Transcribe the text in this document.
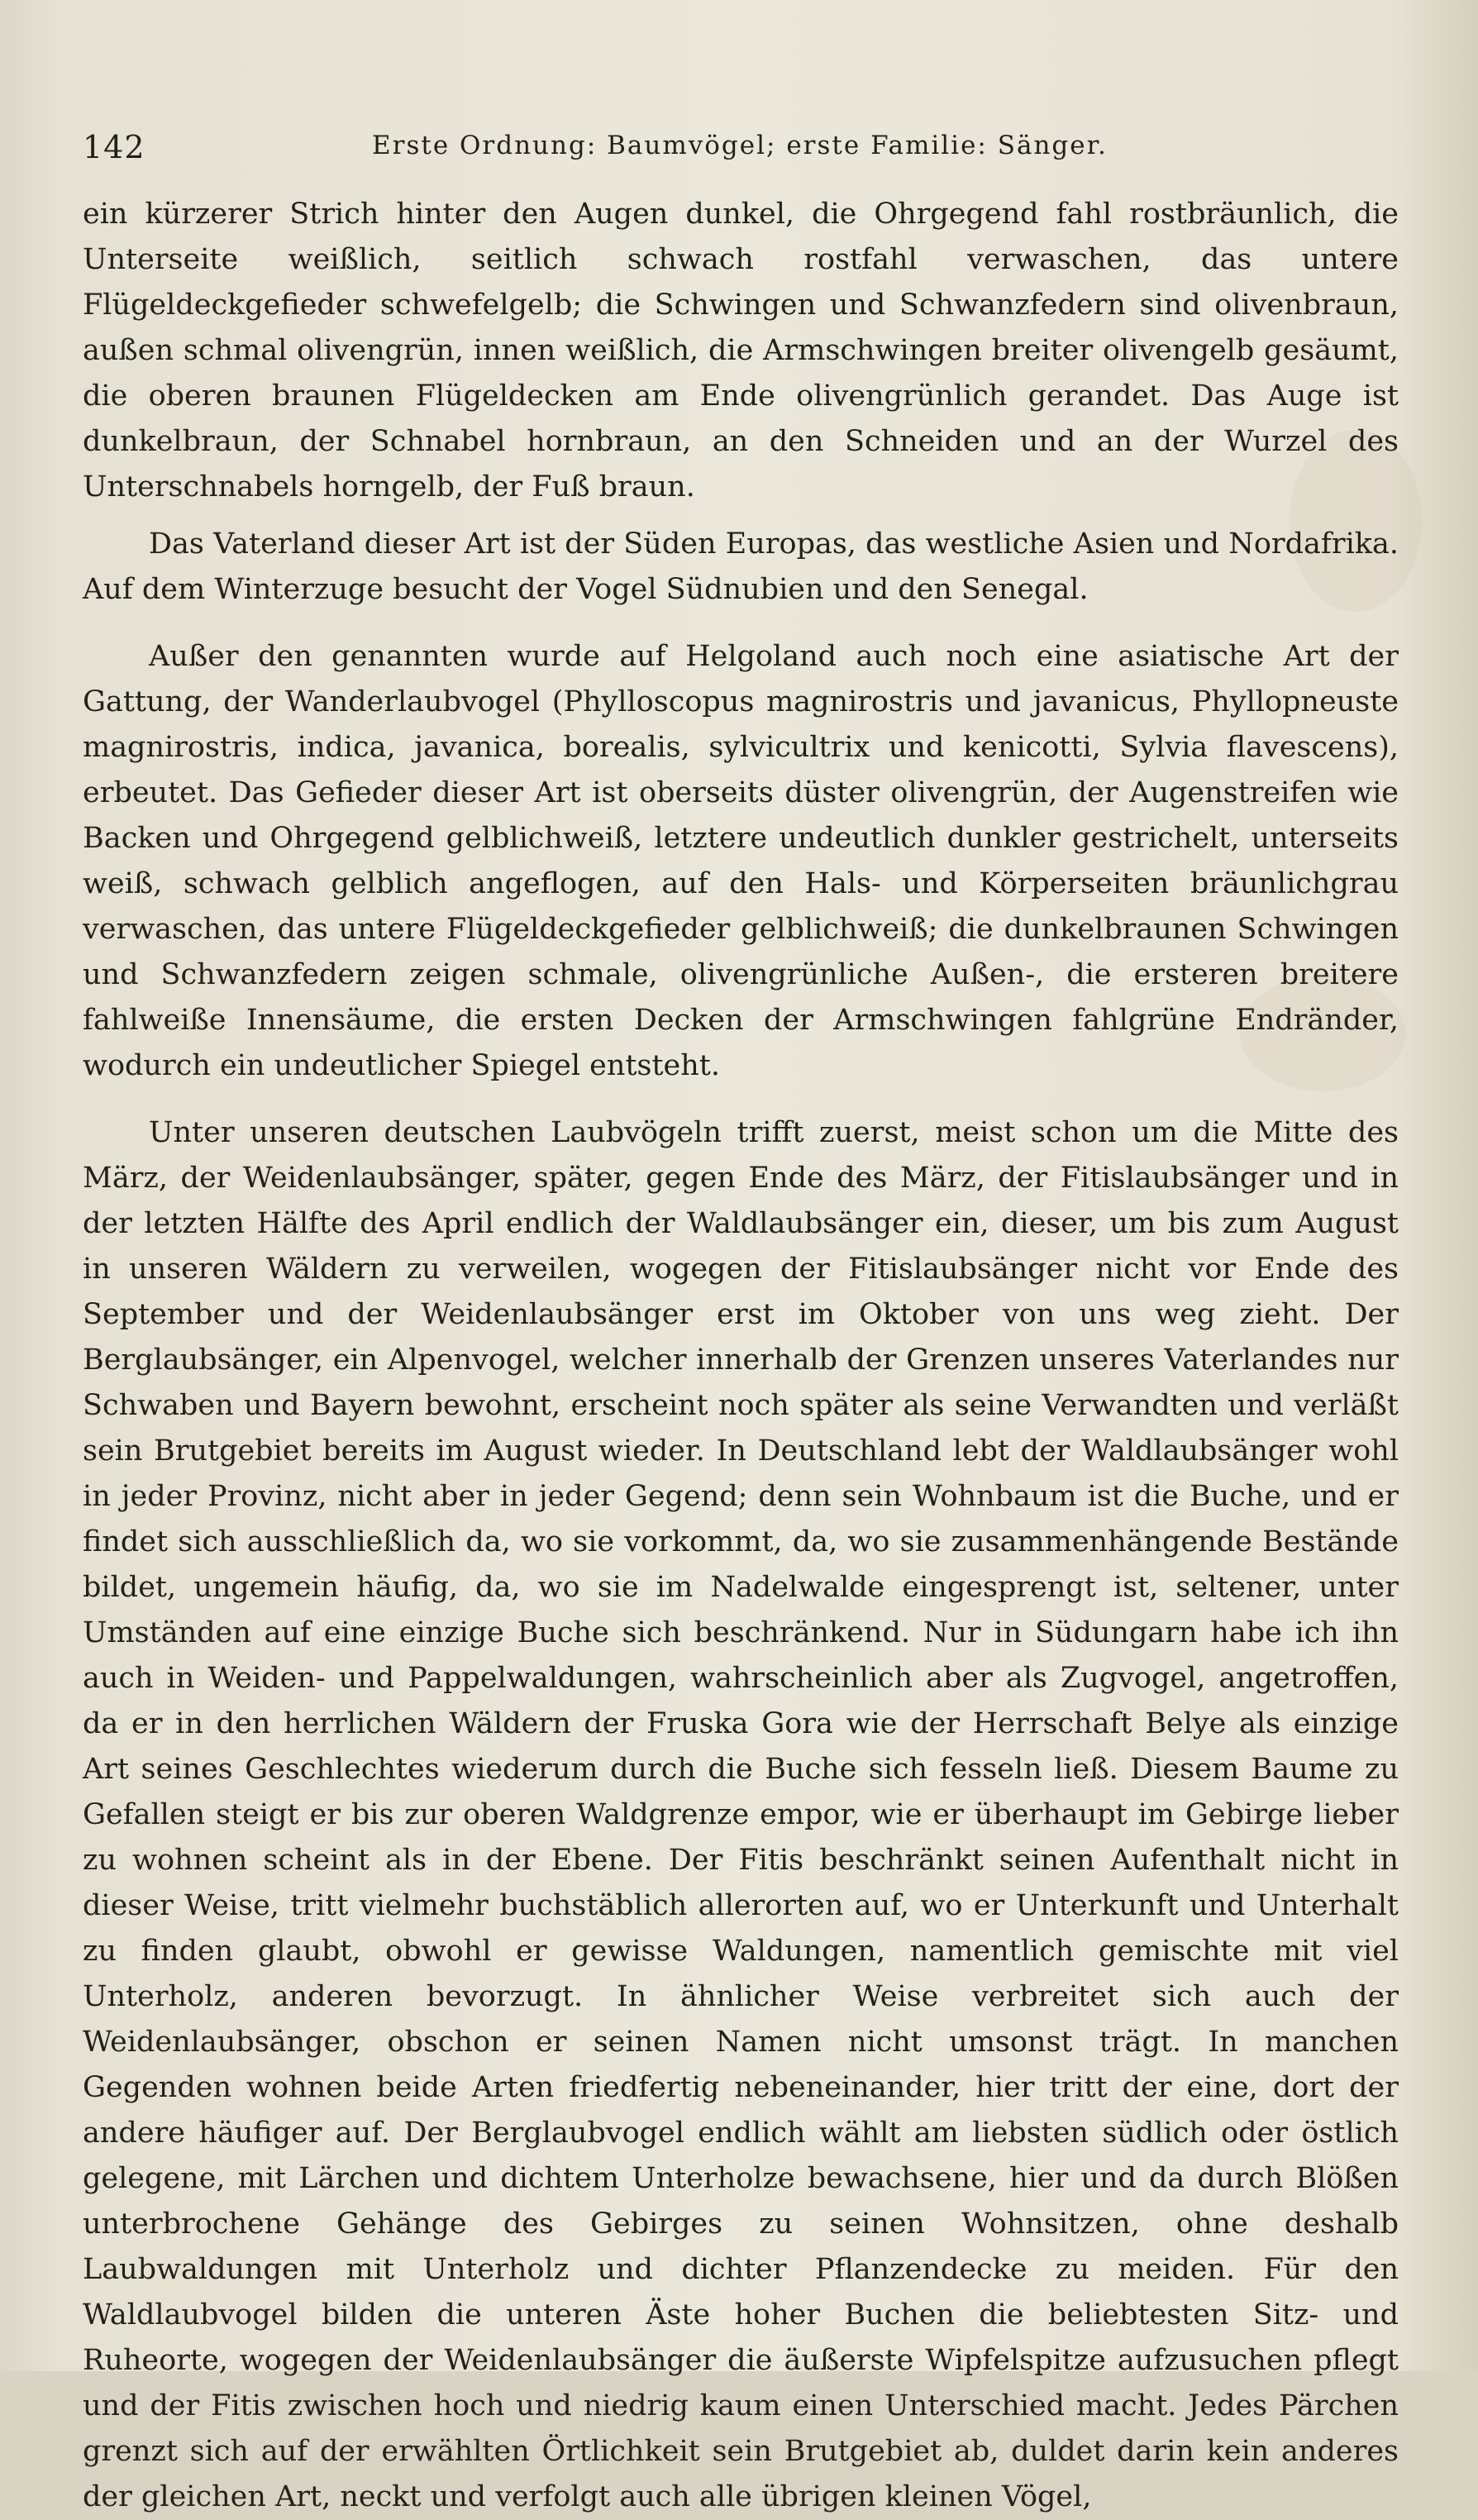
142	Erste Ordnung: Baumvögel; erste Familie: Sänger.

ein kürzerer Strich hinter den Augen dunkel, die Ohrgegend fahl rostbräunlich, die Unterseite weißlich, seitlich schwach rostfahl verwaschen, das untere Flügeldeckgefieder schwefelgelb; die Schwingen und Schwanzfedern sind olivenbraun, außen schmal olivengrün, innen weißlich, die Armschwingen breiter olivengelb gesäumt, die oberen braunen Flügeldecken am Ende olivengrünlich gerandet. Das Auge ist dunkelbraun, der Schnabel hornbraun, an den Schneiden und an der Wurzel des Unterschnabels horngelb, der Fuß braun.

Das Vaterland dieser Art ist der Süden Europas, das westliche Asien und Nordafrika. Auf dem Winterzuge besucht der Vogel Südnubien und den Senegal.

Außer den genannten wurde auf Helgoland auch noch eine asiatische Art der Gattung, der Wanderlaubvogel (Phylloscopus magnirostris und javanicus, Phyllopneuste magnirostris, indica, javanica, borealis, sylvicultrix und kenicotti, Sylvia flavescens), erbeutet. Das Gefieder dieser Art ist oberseits düster olivengrün, der Augenstreifen wie Backen und Ohrgegend gelblichweiß, letztere undeutlich dunkler gestrichelt, unterseits weiß, schwach gelblich angeflogen, auf den Hals- und Körperseiten bräunlichgrau verwaschen, das untere Flügeldeckgefieder gelblichweiß; die dunkelbraunen Schwingen und Schwanzfedern zeigen schmale, olivengrünliche Außen-, die ersteren breitere fahlweiße Innensäume, die ersten Decken der Armschwingen fahlgrüne Endränder, wodurch ein undeutlicher Spiegel entsteht.

Unter unseren deutschen Laubvögeln trifft zuerst, meist schon um die Mitte des März, der Weidenlaubsänger, später, gegen Ende des März, der Fitislaubsänger und in der letzten Hälfte des April endlich der Waldlaubsänger ein, dieser, um bis zum August in unseren Wäldern zu verweilen, wogegen der Fitislaubsänger nicht vor Ende des September und der Weidenlaubsänger erst im Oktober von uns weg zieht. Der Berglaubsänger, ein Alpenvogel, welcher innerhalb der Grenzen unseres Vaterlandes nur Schwaben und Bayern bewohnt, erscheint noch später als seine Verwandten und verläßt sein Brutgebiet bereits im August wieder. In Deutschland lebt der Waldlaubsänger wohl in jeder Provinz, nicht aber in jeder Gegend; denn sein Wohnbaum ist die Buche, und er findet sich ausschließlich da, wo sie vorkommt, da, wo sie zusammenhängende Bestände bildet, ungemein häufig, da, wo sie im Nadelwalde eingesprengt ist, seltener, unter Umständen auf eine einzige Buche sich beschränkend. Nur in Südungarn habe ich ihn auch in Weiden- und Pappelwaldungen, wahrscheinlich aber als Zugvogel, angetroffen, da er in den herrlichen Wäldern der Fruska Gora wie der Herrschaft Belye als einzige Art seines Geschlechtes wiederum durch die Buche sich fesseln ließ. Diesem Baume zu Gefallen steigt er bis zur oberen Waldgrenze empor, wie er überhaupt im Gebirge lieber zu wohnen scheint als in der Ebene. Der Fitis beschränkt seinen Aufenthalt nicht in dieser Weise, tritt vielmehr buchstäblich allerorten auf, wo er Unterkunft und Unterhalt zu finden glaubt, obwohl er gewisse Waldungen, namentlich gemischte mit viel Unterholz, anderen bevorzugt. In ähnlicher Weise verbreitet sich auch der Weidenlaubsänger, obschon er seinen Namen nicht umsonst trägt. In manchen Gegenden wohnen beide Arten friedfertig nebeneinander, hier tritt der eine, dort der andere häufiger auf. Der Berglaubvogel endlich wählt am liebsten südlich oder östlich gelegene, mit Lärchen und dichtem Unterholze bewachsene, hier und da durch Blößen unterbrochene Gehänge des Gebirges zu seinen Wohnsitzen, ohne deshalb Laubwaldungen mit Unterholz und dichter Pflanzendecke zu meiden. Für den Waldlaubvogel bilden die unteren Äste hoher Buchen die beliebtesten Sitz- und Ruheorte, wogegen der Weidenlaubsänger die äußerste Wipfelspitze aufzusuchen pflegt und der Fitis zwischen hoch und niedrig kaum einen Unterschied macht. Jedes Pärchen grenzt sich auf der erwählten Örtlichkeit sein Brutgebiet ab, duldet darin kein anderes der gleichen Art, neckt und verfolgt auch alle übrigen kleinen Vögel,
